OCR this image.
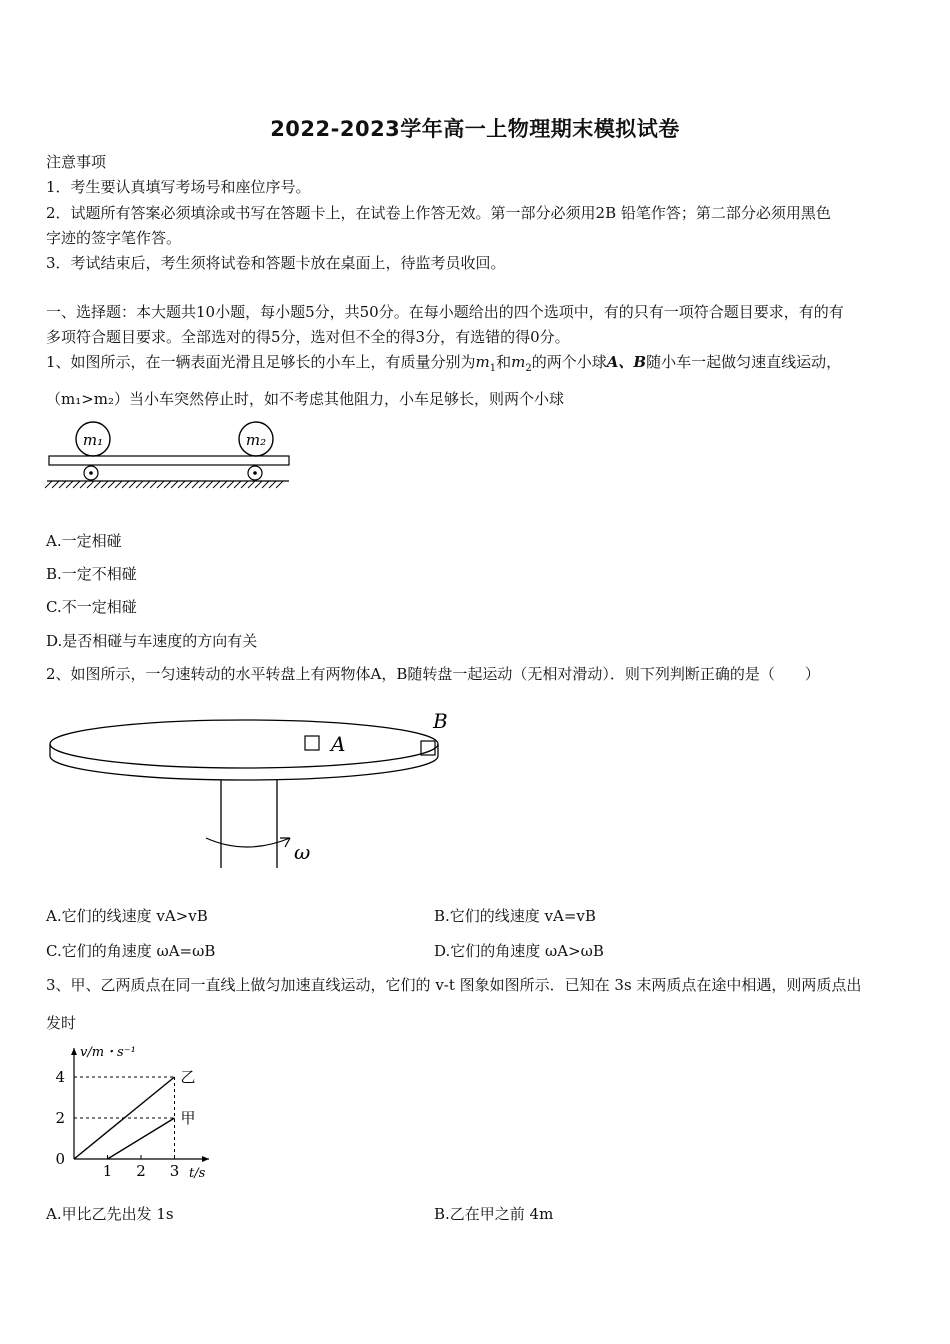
2022-2023学年高一上物理期末模拟试卷
注意事项
1．考生要认真填写考场号和座位序号。
2．试题所有答案必须填涂或书写在答题卡上，在试卷上作答无效。第一部分必须用2B 铅笔作答；第二部分必须用黑色
字迹的签字笔作答。
3．考试结束后，考生须将试卷和答题卡放在桌面上，待监考员收回。
一、选择题：本大题共10小题，每小题5分，共50分。在每小题给出的四个选项中，有的只有一项符合题目要求，有的有
多项符合题目要求。全部选对的得5分，选对但不全的得3分，有选错的得0分。
1、如图所示，在一辆表面光滑且足够长的小车上，有质量分别为$m_1$和$m_2$的两个小球A、B随小车一起做匀速直线运动，
（m₁>m₂）当小车突然停止时，如不考虑其他阻力，小车足够长，则两个小球
m₁	m₂
A.一定相碰
B.一定不相碰
C.不一定相碰
D.是否相碰与车速度的方向有关
2、如图所示，一匀速转动的水平转盘上有两物体A，B随转盘一起运动（无相对滑动）．则下列判断正确的是（　　）
A
B
ω
A.它们的线速度 vA>vB	B.它们的线速度 vA=vB
C.它们的角速度 ωA=ωB	D.它们的角速度 ωA>ωB
3、甲、乙两质点在同一直线上做匀加速直线运动，它们的 v-t 图象如图所示．已知在 3s 末两质点在途中相遇，则两质点出
发时
v/m・s⁻¹
t/s
4
2
0
1 2 3
乙
甲
A.甲比乙先出发 1s	B.乙在甲之前 4m
